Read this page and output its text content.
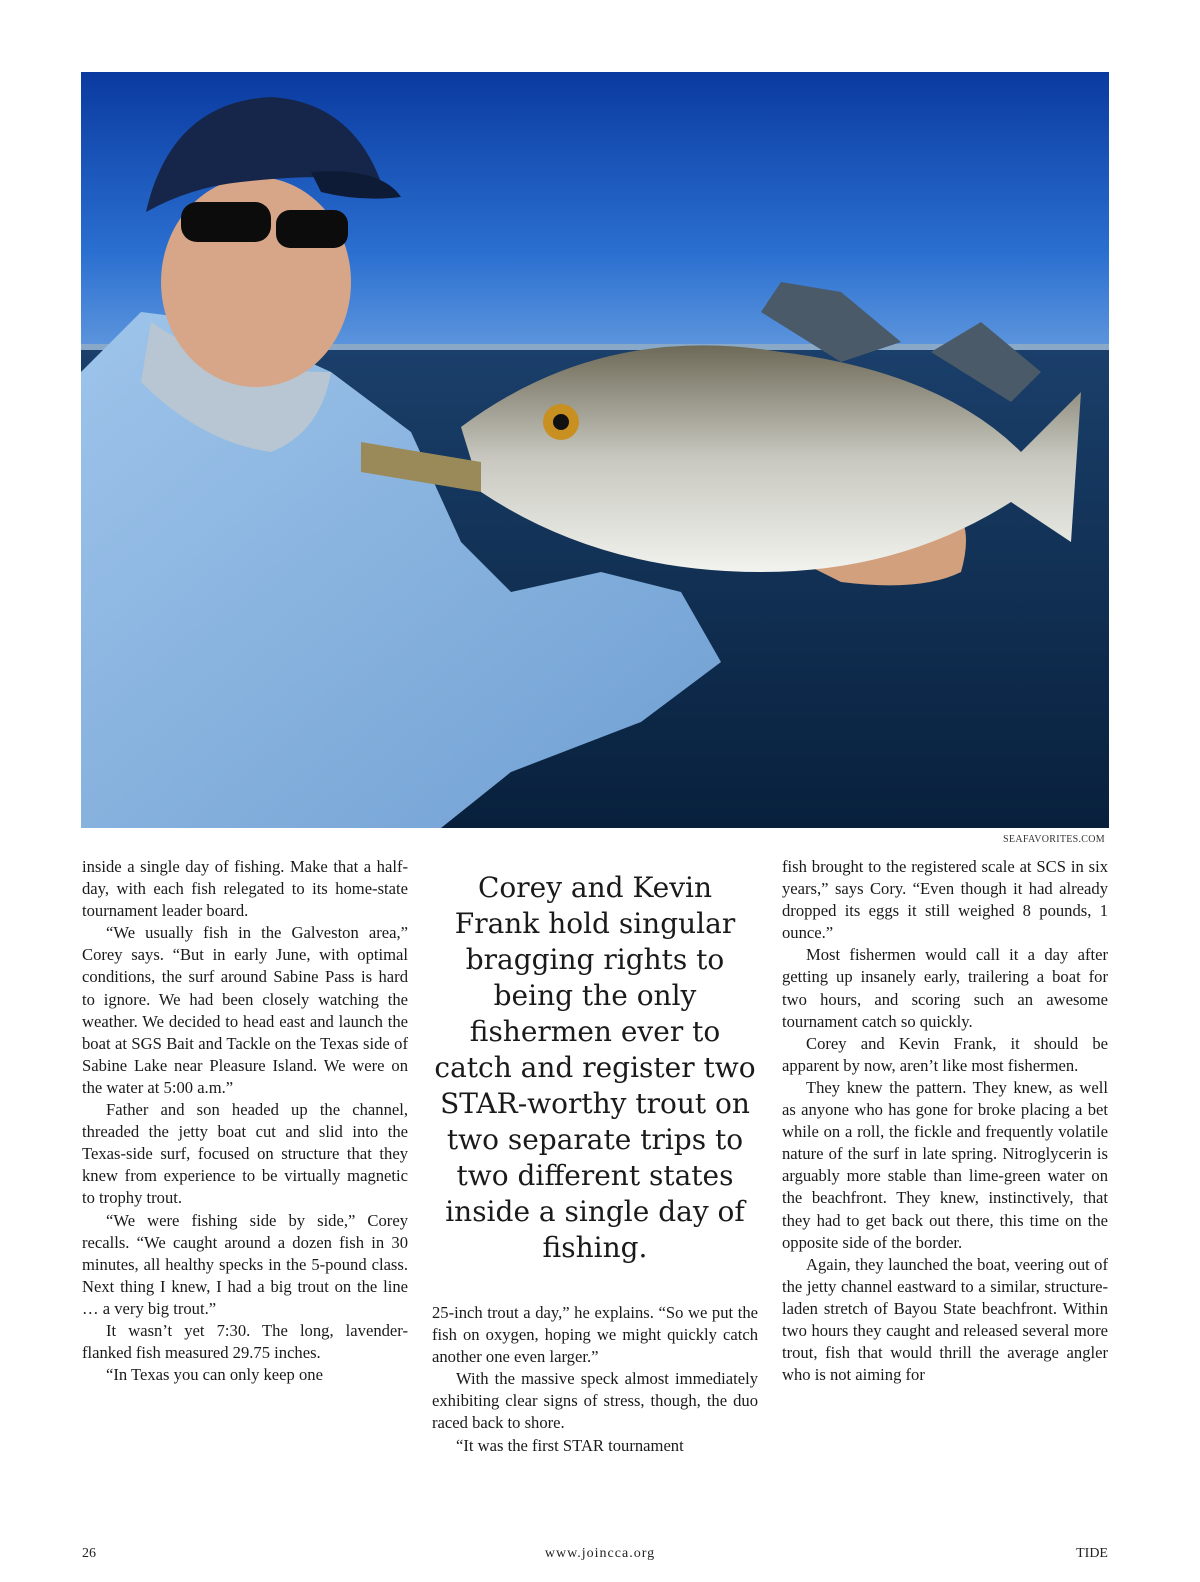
SEAFAVORITES.COM

inside a single day of fishing. Make that a half-day, with each fish relegated to its home-state tournament leader board.

“We usually fish in the Galveston area,” Corey says. “But in early June, with optimal conditions, the surf around Sabine Pass is hard to ignore. We had been closely watching the weather. We decided to head east and launch the boat at SGS Bait and Tackle on the Texas side of Sabine Lake near Pleasure Island. We were on the water at 5:00 a.m.”

Father and son headed up the channel, threaded the jetty boat cut and slid into the Texas-side surf, focused on structure that they knew from experience to be virtually magnetic to trophy trout.

“We were fishing side by side,” Corey recalls. “We caught around a dozen fish in 30 minutes, all healthy specks in the 5-pound class. Next thing I knew, I had a big trout on the line … a very big trout.”

It wasn’t yet 7:30. The long, lavender-flanked fish measured 29.75 inches.

“In Texas you can only keep one

Corey and Kevin Frank hold singular bragging rights to being the only fishermen ever to catch and register two STAR-worthy trout on two separate trips to two different states inside a single day of fishing.

25-inch trout a day,” he explains. “So we put the fish on oxygen, hoping we might quickly catch another one even larger.”

With the massive speck almost immediately exhibiting clear signs of stress, though, the duo raced back to shore.

“It was the first STAR tournament

fish brought to the registered scale at SCS in six years,” says Cory. “Even though it had already dropped its eggs it still weighed 8 pounds, 1 ounce.”

Most fishermen would call it a day after getting up insanely early, trailering a boat for two hours, and scoring such an awesome tournament catch so quickly.

Corey and Kevin Frank, it should be apparent by now, aren’t like most fishermen.

They knew the pattern. They knew, as well as anyone who has gone for broke placing a bet while on a roll, the fickle and frequently volatile nature of the surf in late spring. Nitroglycerin is arguably more stable than lime-green water on the beachfront. They knew, instinctively, that they had to get back out there, this time on the opposite side of the border.

Again, they launched the boat, veering out of the jetty channel eastward to a similar, structure-laden stretch of Bayou State beachfront. Within two hours they caught and released several more trout, fish that would thrill the average angler who is not aiming for

26	www.joincca.org	TIDE
